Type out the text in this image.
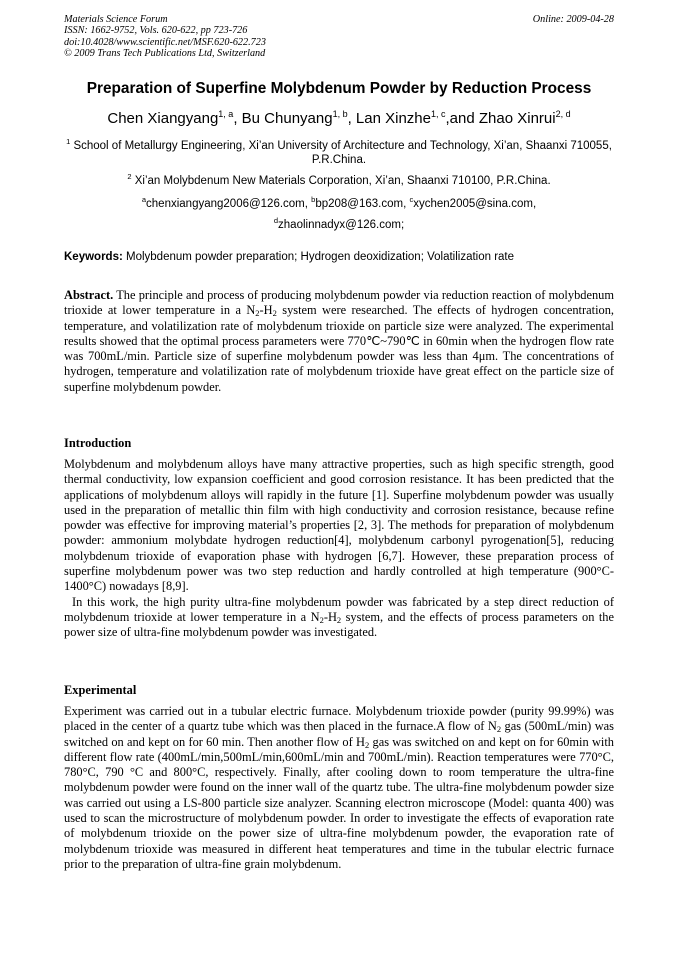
Materials Science Forum
ISSN: 1662-9752, Vols. 620-622, pp 723-726
doi:10.4028/www.scientific.net/MSF.620-622.723
© 2009 Trans Tech Publications Ltd, Switzerland
Online: 2009-04-28
Preparation of Superfine Molybdenum Powder by Reduction Process
Chen Xiangyang$^{1, a}$, Bu Chunyang$^{1, b}$, Lan Xinzhe$^{1, c}$,and Zhao Xinrui$^{2, d}$
$^1$ School of Metallurgy Engineering, Xi’an University of Architecture and Technology, Xi’an, Shaanxi 710055, P.R.China.
$^2$ Xi’an Molybdenum New Materials Corporation, Xi’an, Shaanxi 710100, P.R.China.
$^a$chenxiangyang2006@126.com, $^b$bp208@163.com, $^c$xychen2005@sina.com,
$^d$zhaolinnadyx@126.com;
Keywords: Molybdenum powder preparation; Hydrogen deoxidization; Volatilization rate
Abstract. The principle and process of producing molybdenum powder via reduction reaction of molybdenum trioxide at lower temperature in a $N_2-H_2$ system were researched. The effects of hydrogen concentration, temperature, and volatilization rate of molybdenum trioxide on particle size were analyzed. The experimental results showed that the optimal process parameters were 770℃~790℃ in 60min when the hydrogen flow rate was 700mL/min. Particle size of superfine molybdenum powder was less than 4μm. The concentrations of hydrogen, temperature and volatilization rate of molybdenum trioxide have great effect on the particle size of superfine molybdenum powder.
Introduction

Molybdenum and molybdenum alloys have many attractive properties, such as high specific strength, good thermal conductivity, low expansion coefficient and good corrosion resistance. It has been predicted that the applications of molybdenum alloys will rapidly in the future [1]. Superfine molybdenum powder was usually used in the preparation of metallic thin film with high conductivity and corrosion resistance, because refine powder was effective for improving material’s properties [2, 3]. The methods for preparation of molybdenum powder: ammonium molybdate hydrogen reduction[4], molybdenum carbonyl pyrogenation[5], reducing molybdenum trioxide of evaporation phase with hydrogen [6,7]. However, these preparation process of superfine molybdenum power was two step reduction and hardly controlled at high temperature (900°C-1400°C) nowadays [8,9].

In this work, the high purity ultra-fine molybdenum powder was fabricated by a step direct reduction of molybdenum trioxide at lower temperature in a $N_2-H_2$ system, and the effects of process parameters on the power size of ultra-fine molybdenum powder was investigated.

Experimental

Experiment was carried out in a tubular electric furnace. Molybdenum trioxide powder (purity 99.99%) was placed in the center of a quartz tube which was then placed in the furnace.A flow of $N_2$ gas (500mL/min) was switched on and kept on for 60 min. Then another flow of $H_2$ gas was switched on and kept on for 60min with different flow rate (400mL/min,500mL/min,600mL/min and 700mL/min). Reaction temperatures were 770°C, 780°C, 790 °C and 800°C, respectively. Finally, after cooling down to room temperature the ultra-fine molybdenum powder were found on the inner wall of the quartz tube. The ultra-fine molybdenum powder size was carried out using a LS-800 particle size analyzer. Scanning electron microscope (Model: quanta 400) was used to scan the microstructure of molybdenum powder. In order to investigate the effects of evaporation rate of molybdenum trioxide on the power size of ultra-fine molybdenum powder, the evaporation rate of molybdenum trioxide was measured in different heat temperatures and time in the tubular electric furnace prior to the preparation of ultra-fine grain molybdenum.
